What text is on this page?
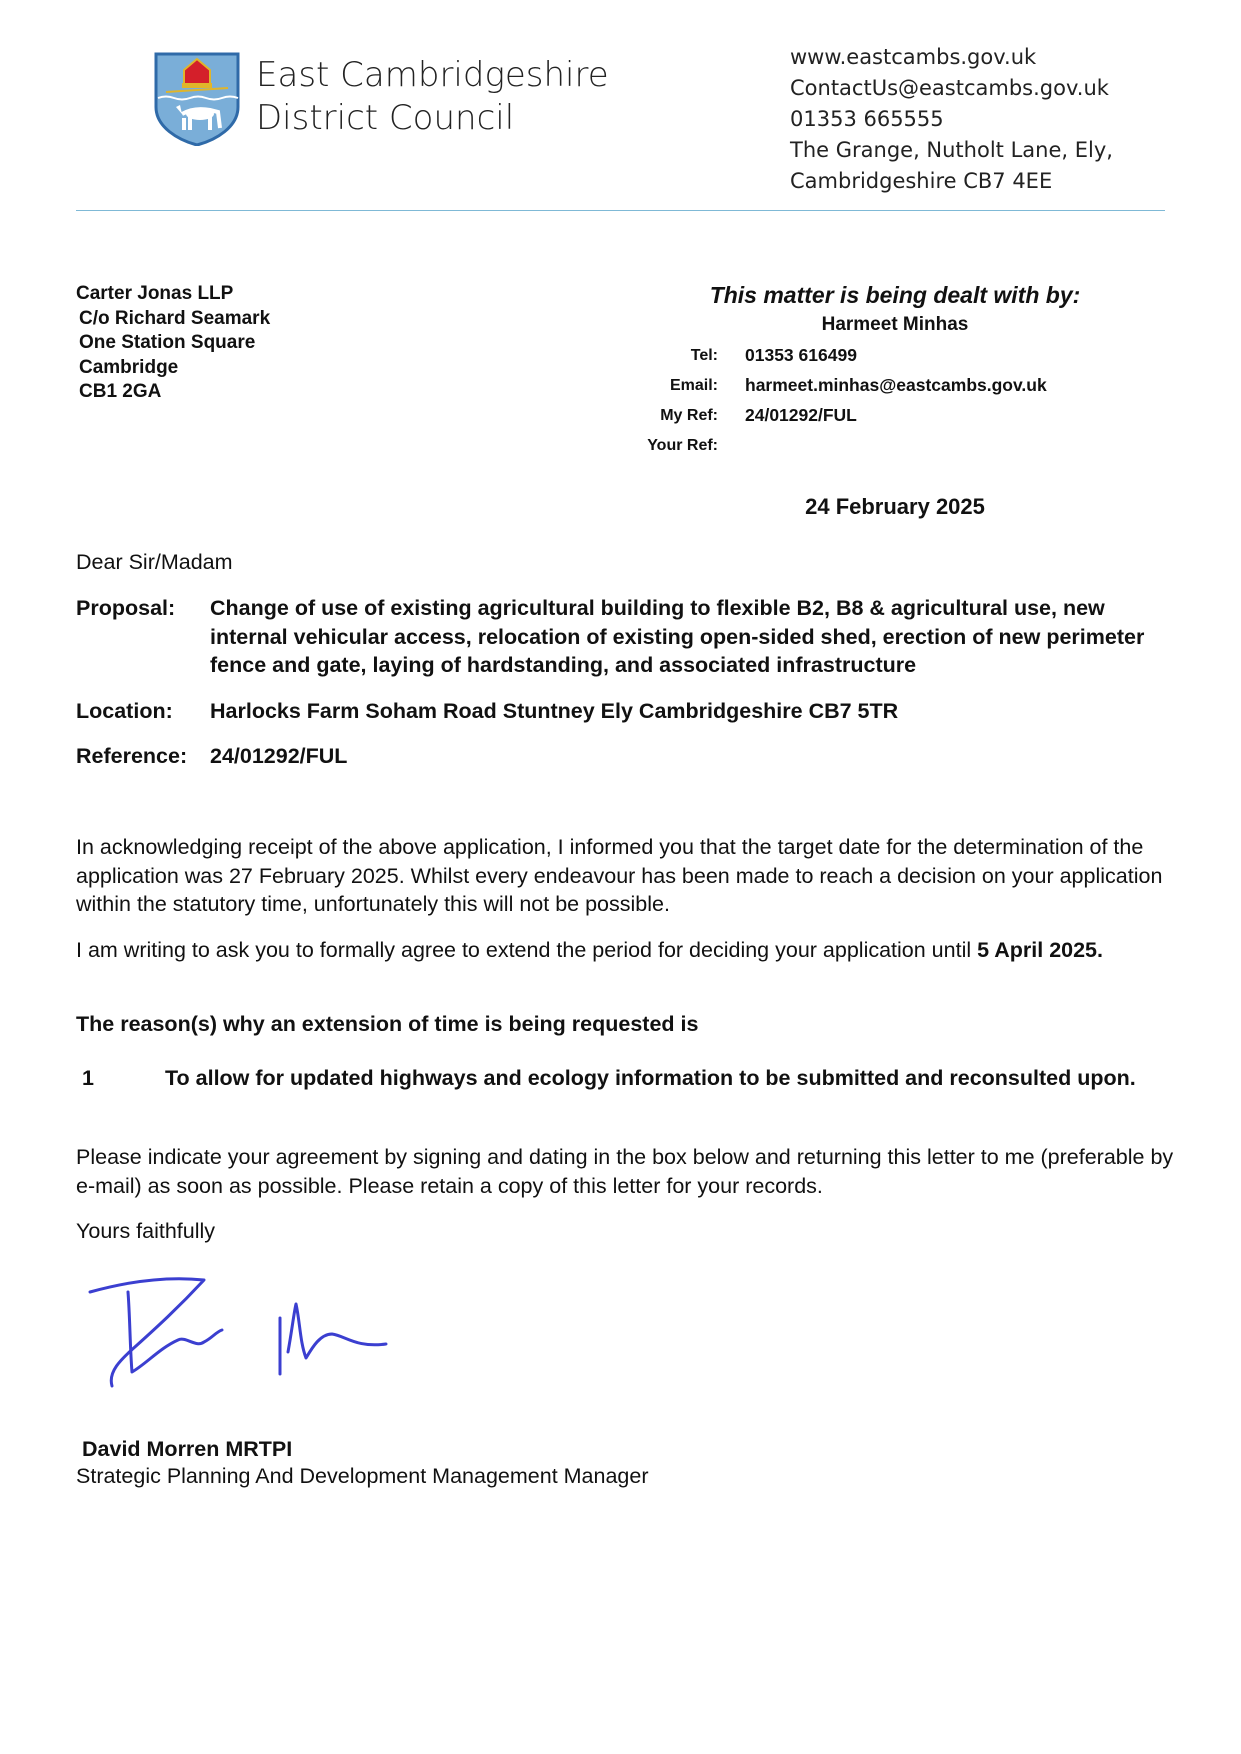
East Cambridgeshire
District Council
www.eastcambs.gov.uk
ContactUs@eastcambs.gov.uk
01353 665555
The Grange, Nutholt Lane, Ely,
Cambridgeshire CB7 4EE
Carter Jonas LLP
C/o Richard Seamark
One Station Square
Cambridge
CB1 2GA
This matter is being dealt with by:
Harmeet Minhas
Tel: 01353 616499
Email: harmeet.minhas@eastcambs.gov.uk
My Ref: 24/01292/FUL
Your Ref:
24 February 2025
Dear Sir/Madam
Proposal: Change of use of existing agricultural building to flexible B2, B8 & agricultural use, new internal vehicular access, relocation of existing open-sided shed, erection of new perimeter fence and gate, laying of hardstanding, and associated infrastructure
Location: Harlocks Farm Soham Road Stuntney Ely Cambridgeshire CB7 5TR
Reference: 24/01292/FUL
In acknowledging receipt of the above application, I informed you that the target date for the determination of the application was 27 February 2025. Whilst every endeavour has been made to reach a decision on your application within the statutory time, unfortunately this will not be possible.
I am writing to ask you to formally agree to extend the period for deciding your application until 5 April 2025.
The reason(s) why an extension of time is being requested is
1	To allow for updated highways and ecology information to be submitted and reconsulted upon.
Please indicate your agreement by signing and dating in the box below and returning this letter to me (preferable by e-mail) as soon as possible. Please retain a copy of this letter for your records.
Yours faithfully
David Morren MRTPI
Strategic Planning And Development Management Manager
